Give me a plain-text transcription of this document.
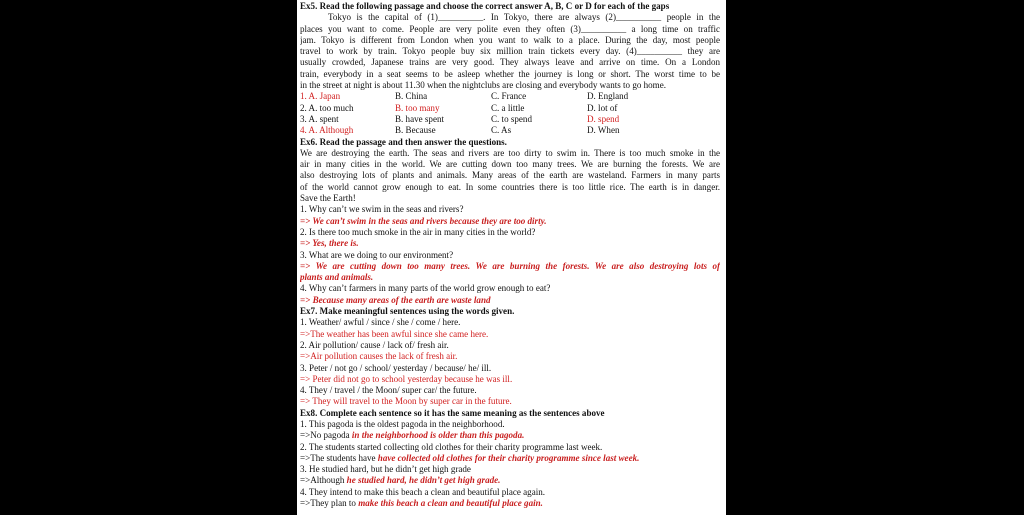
Ex5. Read the following passage and choose the correct answer A, B, C or D for each of the gaps
Tokyo is the capital of (1)__________. In Tokyo, there are always (2)__________ people in the
places you want to come. People are very polite even they often (3)__________ a long time on traffic
jam. Tokyo is different from London when you want to walk to a place. During the day, most people
travel to work by train. Tokyo people buy six million train tickets every day. (4)__________ they are
usually crowded, Japanese trains are very good. They always leave and arrive on time. On a London
train, everybody in a seat seems to be asleep whether the journey is long or short. The worst time to be
in the street at night is about 11.30 when the nightclubs are closing and everybody wants to go home.
1. A. Japan	B. China	C. France	D. England
2. A. too much	B. too many	C. a little	D. lot of
3. A. spent	B. have spent	C. to spend	D. spend
4. A. Although	B. Because	C. As	D. When
Ex6. Read the passage and then answer the questions.
We are destroying the earth. The seas and rivers are too dirty to swim in. There is too much smoke in the
air in many cities in the world. We are cutting down too many trees. We are burning the forests. We are
also destroying lots of plants and animals. Many areas of the earth are wasteland. Farmers in many parts
of the world cannot grow enough to eat. In some countries there is too little rice. The earth is in danger.
Save the Earth!
1. Why can’t we swim in the seas and rivers?
=> We can’t swim in the seas and rivers because they are too dirty.
2. Is there too much smoke in the air in many cities in the world?
=> Yes, there is.
3. What are we doing to our environment?
=> We are cutting down too many trees. We are burning the forests. We are also destroying lots of
plants and animals.
4. Why can’t farmers in many parts of the world grow enough to eat?
=> Because many areas of the earth are waste land
Ex7. Make meaningful sentences using the words given.
1. Weather/ awful / since / she / come / here.
=>The weather has been awful since she came here.
2. Air pollution/ cause / lack of/ fresh air.
=>Air pollution causes the lack of fresh air.
3. Peter / not go / school/ yesterday / because/ he/ ill.
=> Peter did not go to school yesterday because he was ill.
4. They / travel / the Moon/ super car/ the future.
=> They will travel to the Moon by super car in the future.
Ex8. Complete each sentence so it has the same meaning as the sentences above
1. This pagoda is the oldest pagoda in the neighborhood.
=>No pagoda in the neighborhood is older than this pagoda.
2. The students started collecting old clothes for their charity programme last week.
=>The students have have collected old clothes for their charity programme since last week.
3. He studied hard, but he didn’t get high grade
=>Although he studied hard, he didn’t get high grade.
4. They intend to make this beach a clean and beautiful place again.
=>They plan to make this beach a clean and beautiful place gain.
